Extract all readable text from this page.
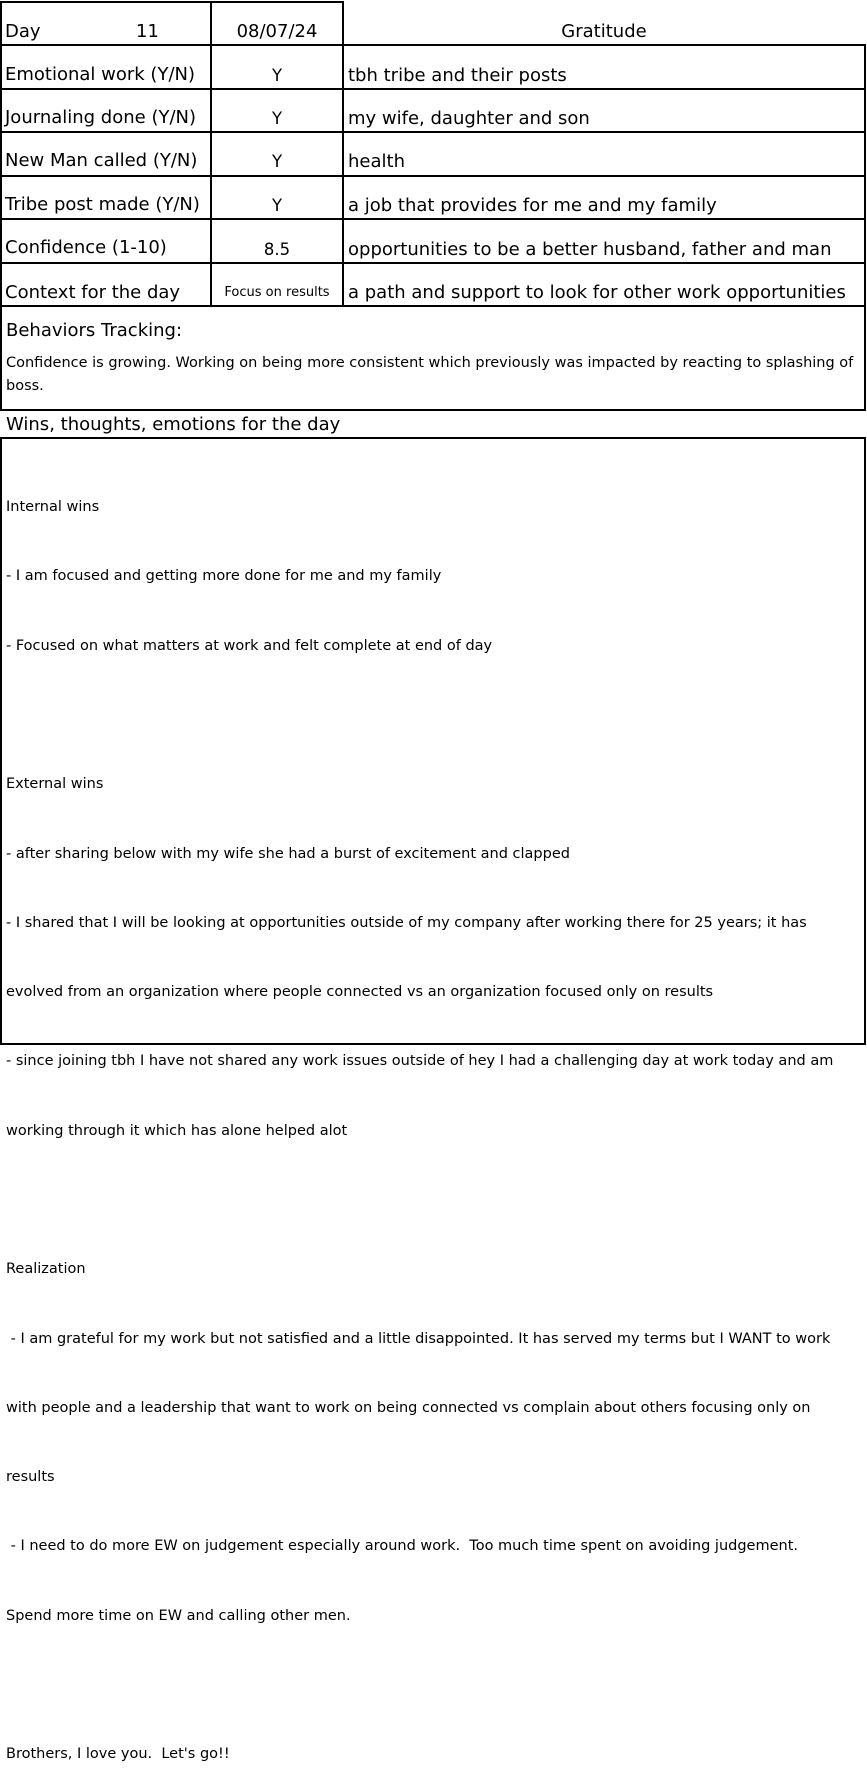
Day	11	08/07/24	Gratitude
Emotional work (Y/N)	Y	tbh tribe and their posts
Journaling done (Y/N)	Y	my wife, daughter and son
New Man called (Y/N)	Y	health
Tribe post made (Y/N)	Y	a job that provides for me and my family
Confidence (1-10)	8.5	opportunities to be a better husband, father and man
Context for the day	Focus on results	a path and support to look for other work opportunities
Behaviors Tracking:
Confidence is growing. Working on being more consistent which previously was impacted by reacting to splashing of boss.
Wins, thoughts, emotions for the day

Internal wins

- I am focused and getting more done for me and my family

- Focused on what matters at work and felt complete at end of day

External wins

- after sharing below with my wife she had a burst of excitement and clapped

- I shared that I will be looking at opportunities outside of my company after working there for 25 years; it has

evolved from an organization where people connected vs an organization focused only on results

- since joining tbh I have not shared any work issues outside of hey I had a challenging day at work today and am

working through it which has alone helped alot

Realization

- I am grateful for my work but not satisfied and a little disappointed. It has served my terms but I WANT to work

with people and a leadership that want to work on being connected vs complain about others focusing only on

results

- I need to do more EW on judgement especially around work.  Too much time spent on avoiding judgement.

Spend more time on EW and calling other men.

Brothers, I love you.  Let's go!!
